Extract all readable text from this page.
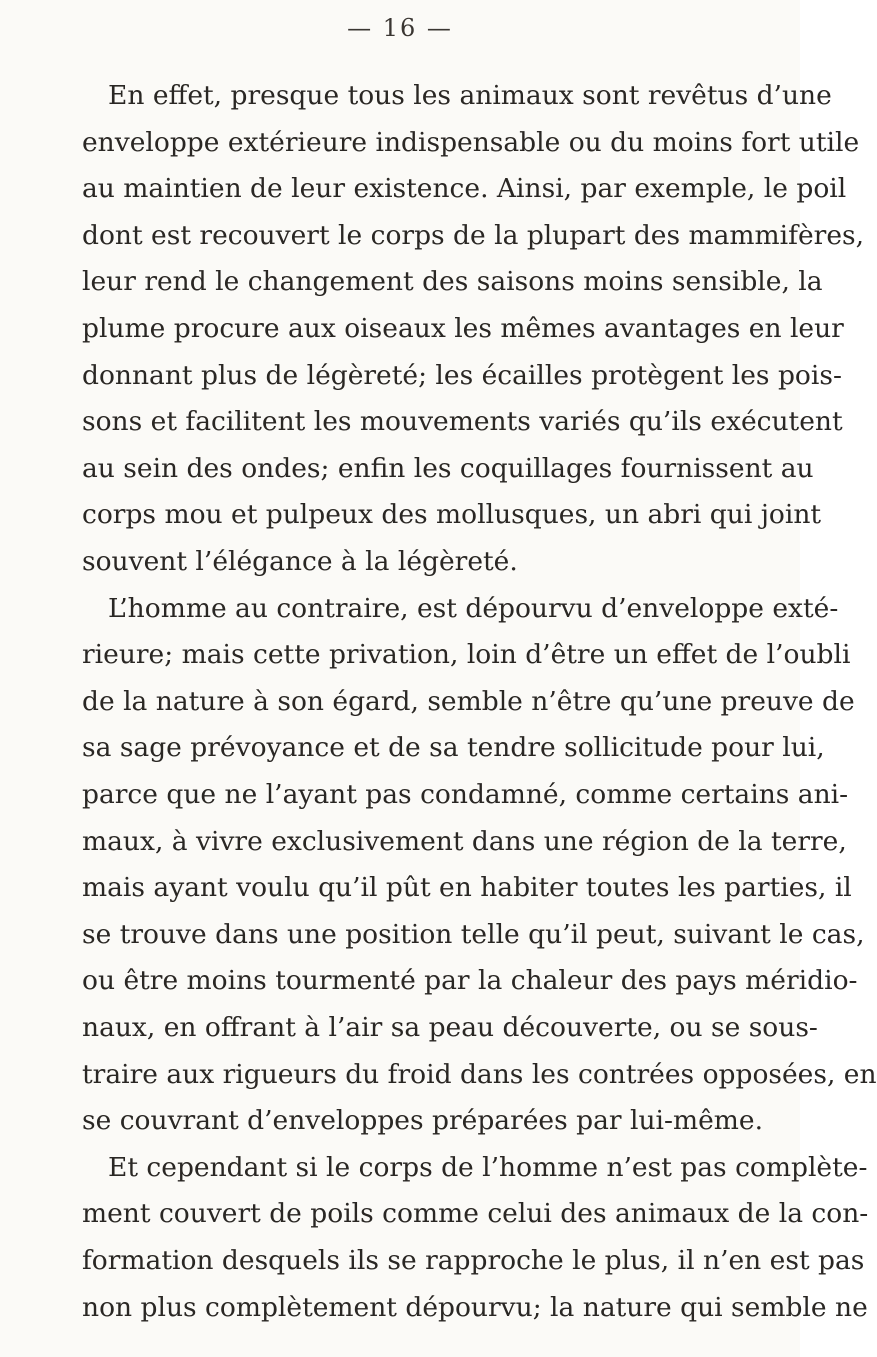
— 16 —
En effet, presque tous les animaux sont revêtus d’une
enveloppe extérieure indispensable ou du moins fort utile
au maintien de leur existence. Ainsi, par exemple, le poil
dont est recouvert le corps de la plupart des mammifères,
leur rend le changement des saisons moins sensible, la
plume procure aux oiseaux les mêmes avantages en leur
donnant plus de légèreté; les écailles protègent les pois-
sons et facilitent les mouvements variés qu’ils exécutent
au sein des ondes; enfin les coquillages fournissent au
corps mou et pulpeux des mollusques, un abri qui joint
souvent l’élégance à la légèreté.
L’homme au contraire, est dépourvu d’enveloppe exté-
rieure; mais cette privation, loin d’être un effet de l’oubli
de la nature à son égard, semble n’être qu’une preuve de
sa sage prévoyance et de sa tendre sollicitude pour lui,
parce que ne l’ayant pas condamné, comme certains ani-
maux, à vivre exclusivement dans une région de la terre,
mais ayant voulu qu’il pût en habiter toutes les parties, il
se trouve dans une position telle qu’il peut, suivant le cas,
ou être moins tourmenté par la chaleur des pays méridio-
naux, en offrant à l’air sa peau découverte, ou se sous-
traire aux rigueurs du froid dans les contrées opposées, en
se couvrant d’enveloppes préparées par lui-même.
Et cependant si le corps de l’homme n’est pas complète-
ment couvert de poils comme celui des animaux de la con-
formation desquels ils se rapproche le plus, il n’en est pas
non plus complètement dépourvu; la nature qui semble ne
